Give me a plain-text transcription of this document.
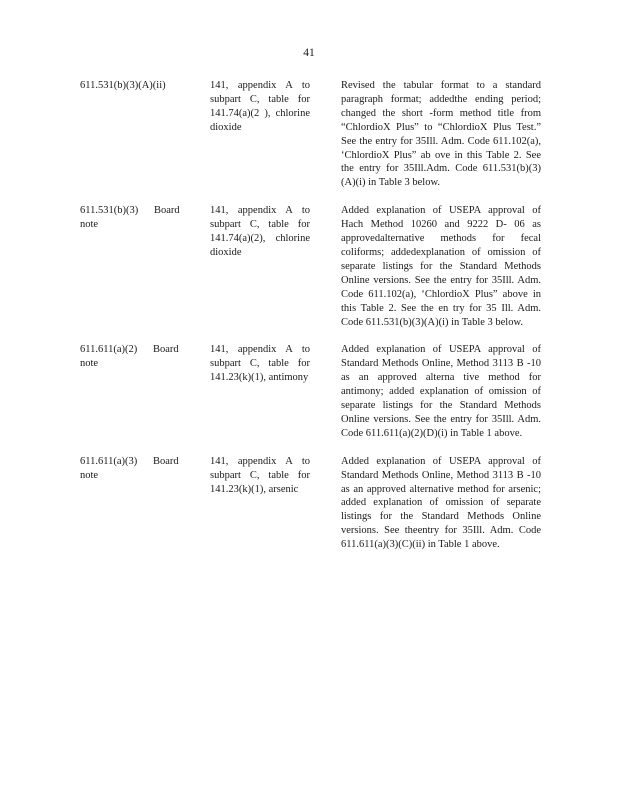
41
611.531(b)(3)(A)(ii)	141, appendix A to subpart C, table for 141.74(a)(2 ), chlorine dioxide
Revised the tabular format to a standard paragraph format; addedthe ending period; changed the short -form method title from “ChlordioX Plus” to “ChlordioX Plus Test.” See the entry for 35Ill. Adm. Code 611.102(a), ‘ChlordioX Plus” ab ove in this Table 2. See the entry for 35Ill.Adm. Code 611.531(b)(3)(A)(i) in Table 3 below.
611.531(b)(3)      Board
note
141, appendix A to subpart C, table for 141.74(a)(2), chlorine dioxide
Added explanation of USEPA approval of Hach Method 10260 and 9222 D- 06 as approvedalternative methods for fecal coliforms; addedexplanation of omission of separate listings for the Standard Methods Online versions. See the entry for 35Ill. Adm. Code 611.102(a), ‘ChlordioX Plus” above in this Table 2. See the en try for 35 Ill. Adm. Code 611.531(b)(3)(A)(i) in Table 3 below.
611.611(a)(2)      Board
note
141, appendix A to subpart C, table for 141.23(k)(1), antimony
Added explanation of USEPA approval of Standard Methods Online, Method 3113 B -10 as an approved alterna tive method for antimony; added explanation of omission of separate listings for the Standard Methods Online versions. See the entry for 35Ill. Adm. Code 611.611(a)(2)(D)(i) in Table 1 above.
611.611(a)(3)      Board
note
141, appendix A to subpart C, table for 141.23(k)(1), arsenic
Added explanation of USEPA approval of Standard Methods Online, Method 3113 B -10 as an approved alternative method for arsenic; added explanation of omission of separate listings for the Standard Methods Online versions. See theentry for 35Ill. Adm. Code 611.611(a)(3)(C)(ii) in Table 1 above.
